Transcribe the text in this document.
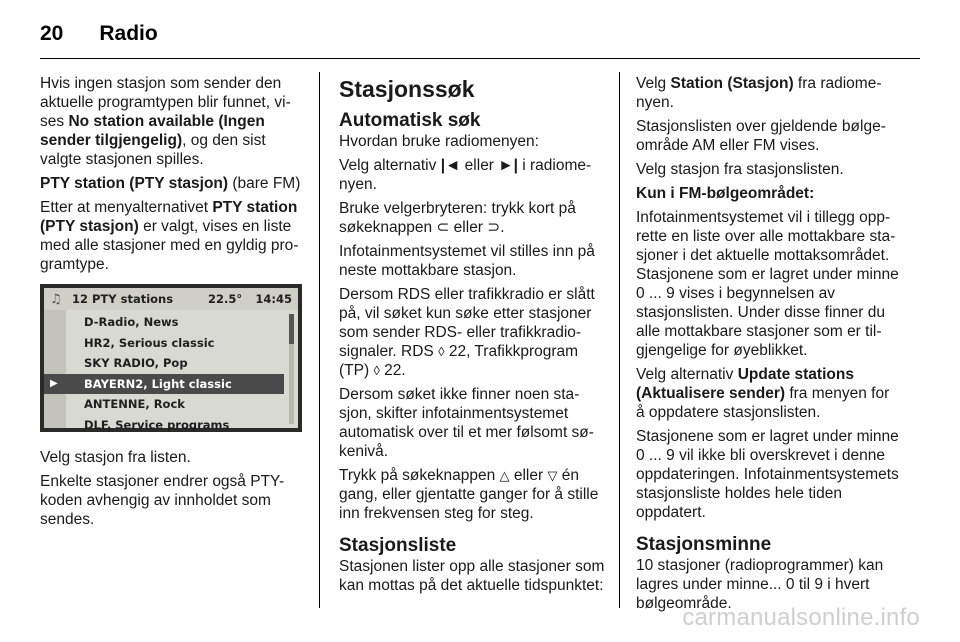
20 Radio

Hvis ingen stasjon som sender den aktuelle programtypen blir funnet, vises No station available (Ingen sender tilgjengelig), og den sist valgte stasjonen spilles.

PTY station (PTY stasjon) (bare FM)

Etter at menyalternativet PTY station (PTY stasjon) er valgt, vises en liste med alle stasjoner med en gyldig programtype.

♫ 12 PTY stations	22.5°	14:45
D-Radio, News
HR2, Serious classic
SKY RADIO, Pop
▶ BAYERN2, Light classic
ANTENNE, Rock
DLF, Service programs

Velg stasjon fra listen.

Enkelte stasjoner endrer også PTY-koden avhengig av innholdet som sendes.

Stasjonssøk
Automatisk søk

Hvordan bruke radiomenyen:

Velg alternativ |◄ eller ►| i radiomenyen.

Bruke velgerbryteren: trykk kort på søkeknappen ⊂ eller ⊃.

Infotainmentsystemet vil stilles inn på neste mottakbare stasjon.

Dersom RDS eller trafikkradio er slått på, vil søket kun søke etter stasjoner som sender RDS- eller trafikkradiosignaler. RDS ◊ 22, Trafikkprogram (TP) ◊ 22.

Dersom søket ikke finner noen stasjon, skifter infotainmentsystemet automatisk over til et mer følsomt søkenivå.

Trykk på søkeknappen △ eller ▽ én gang, eller gjentatte ganger for å stille inn frekvensen steg for steg.

Stasjonsliste

Stasjonen lister opp alle stasjoner som kan mottas på det aktuelle tidspunktet:

Velg Station (Stasjon) fra radiomenyen.

Stasjonslisten over gjeldende bølgeområde AM eller FM vises.

Velg stasjon fra stasjonslisten.

Kun i FM-bølgeområdet:

Infotainmentsystemet vil i tillegg opprette en liste over alle mottakbare stasjoner i det aktuelle mottaksområdet. Stasjonene som er lagret under minne 0 ... 9 vises i begynnelsen av stasjonslisten. Under disse finner du alle mottakbare stasjoner som er tilgjengelige for øyeblikket.

Velg alternativ Update stations (Aktualisere sender) fra menyen for å oppdatere stasjonslisten.

Stasjonene som er lagret under minne 0 ... 9 vil ikke bli overskrevet i denne oppdateringen. Infotainmentsystemets stasjonsliste holdes hele tiden oppdatert.

Stasjonsminne

10 stasjoner (radioprogrammer) kan lagres under minne... 0 til 9 i hvert bølgeområde.

carmanualsonline.info
